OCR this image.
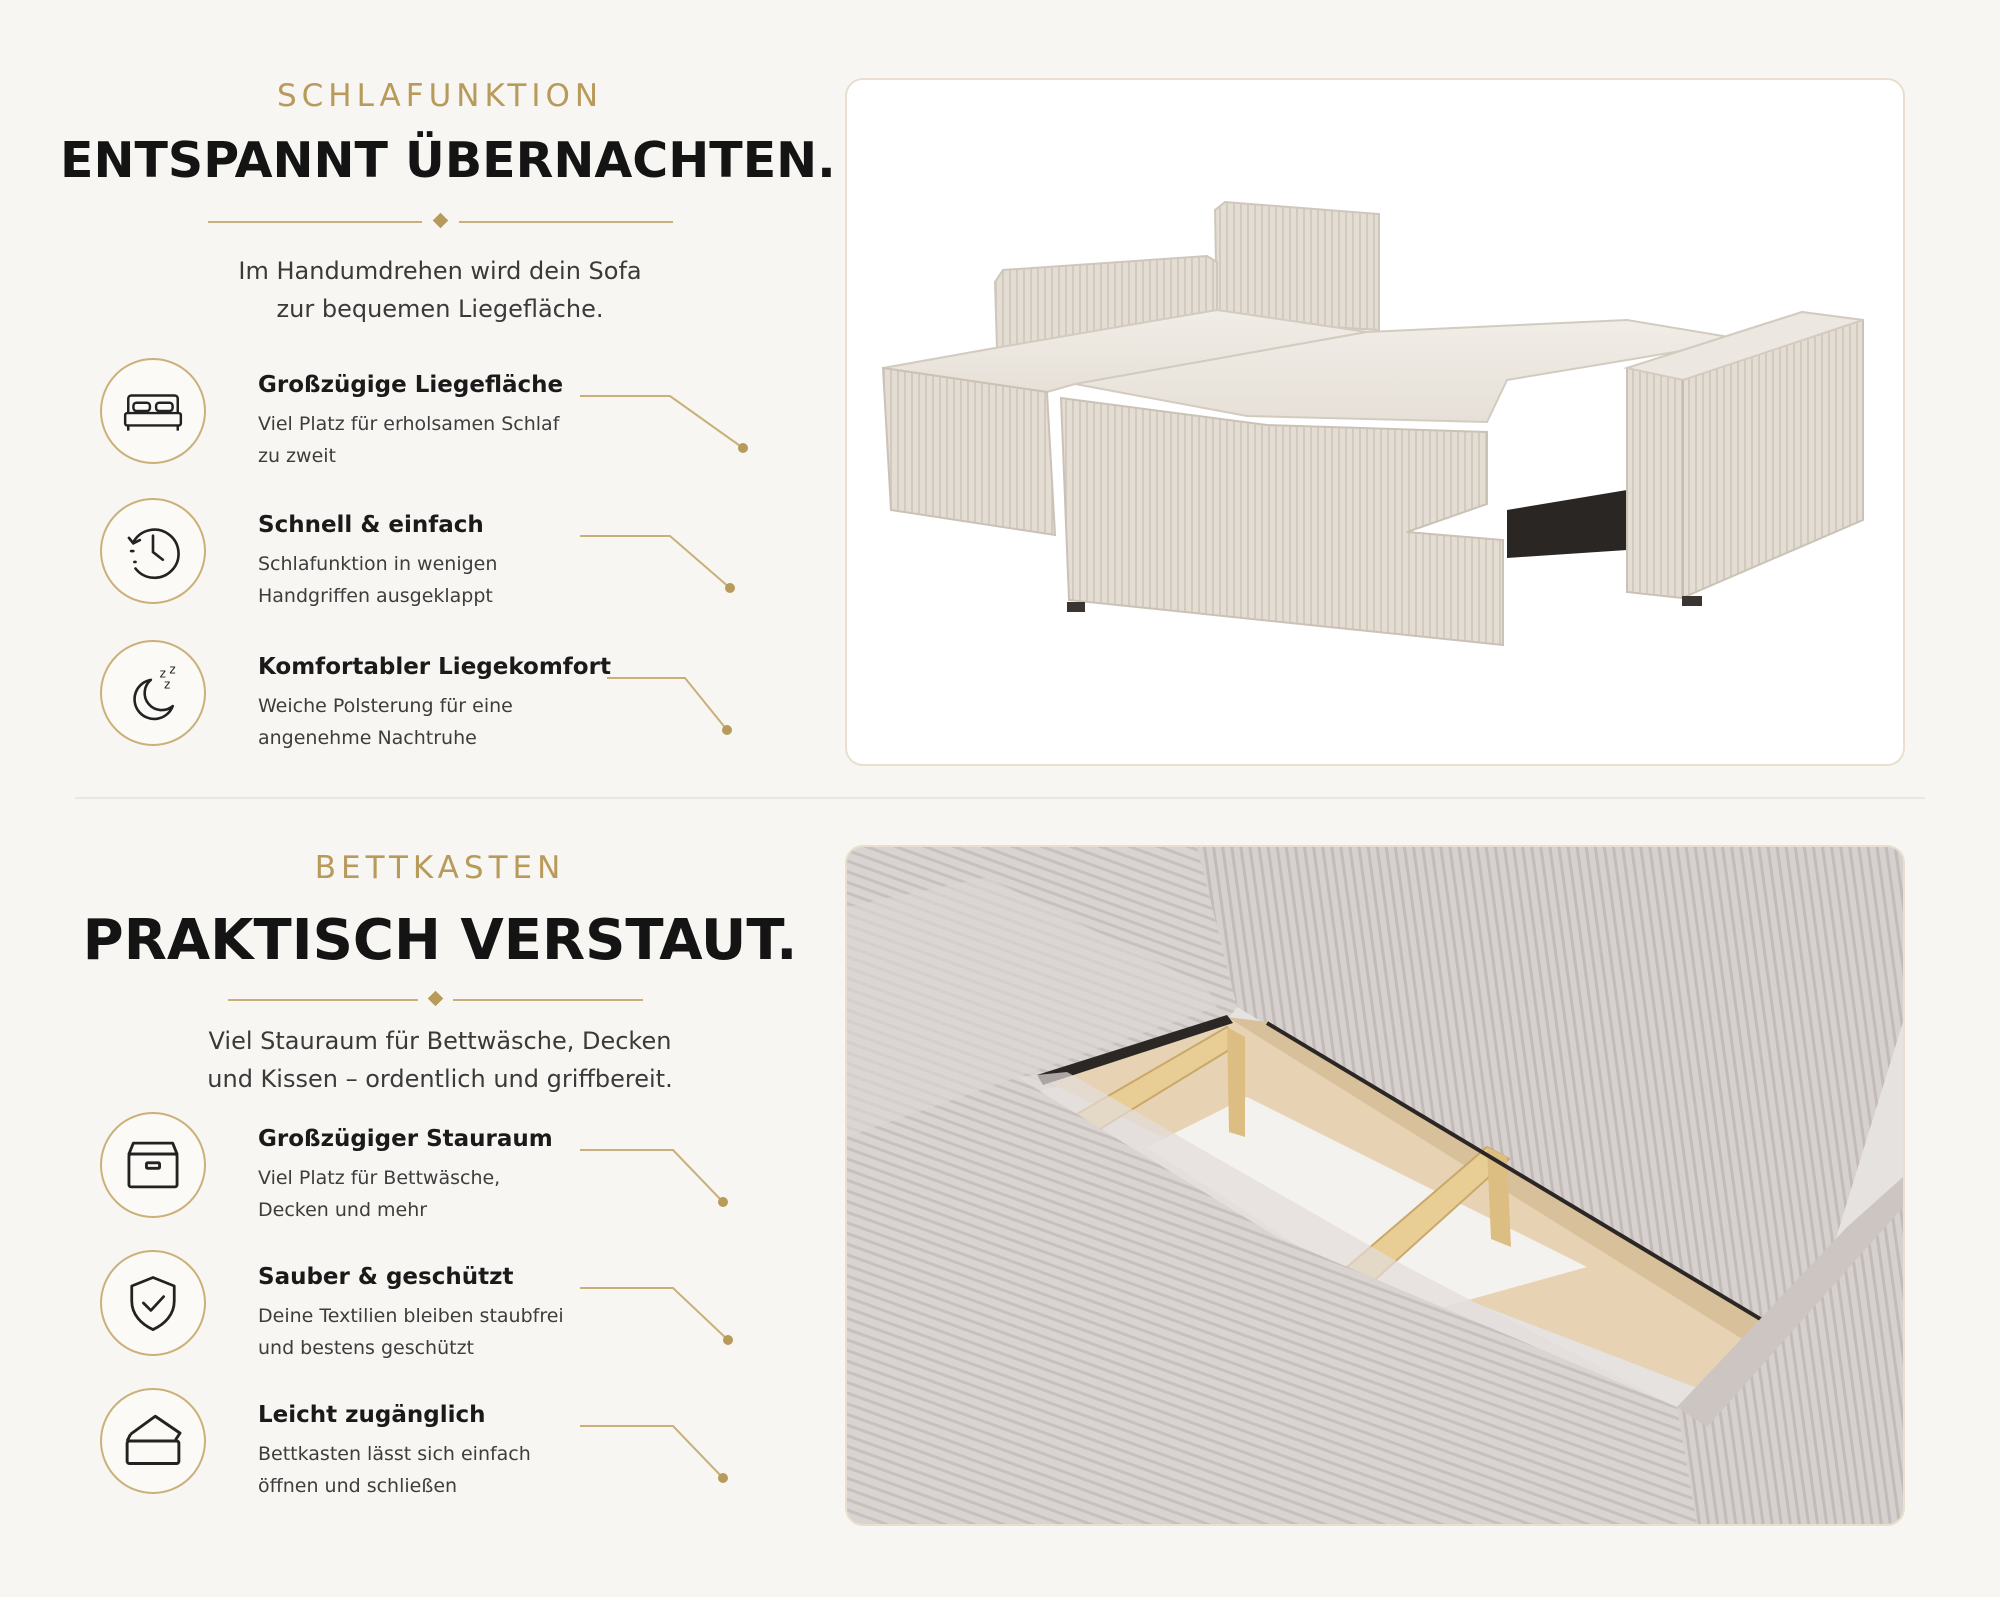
SCHLAFUNKTION
ENTSPANNT ÜBERNACHTEN.
Im Handumdrehen wird dein Sofa
zur bequemen Liegefläche.
Großzügige Liegefläche
Viel Platz für erholsamen Schlaf
zu zweit
Schnell & einfach
Schlafunktion in wenigen
Handgriffen ausgeklappt
z z
z
Komfortabler Liegekomfort
Weiche Polsterung für eine
angenehme Nachtruhe
BETTKASTEN
PRAKTISCH VERSTAUT.
Viel Stauraum für Bettwäsche, Decken
und Kissen – ordentlich und griffbereit.
Großzügiger Stauraum
Viel Platz für Bettwäsche,
Decken und mehr
Sauber & geschützt
Deine Textilien bleiben staubfrei
und bestens geschützt
Leicht zugänglich
Bettkasten lässt sich einfach
öffnen und schließen
